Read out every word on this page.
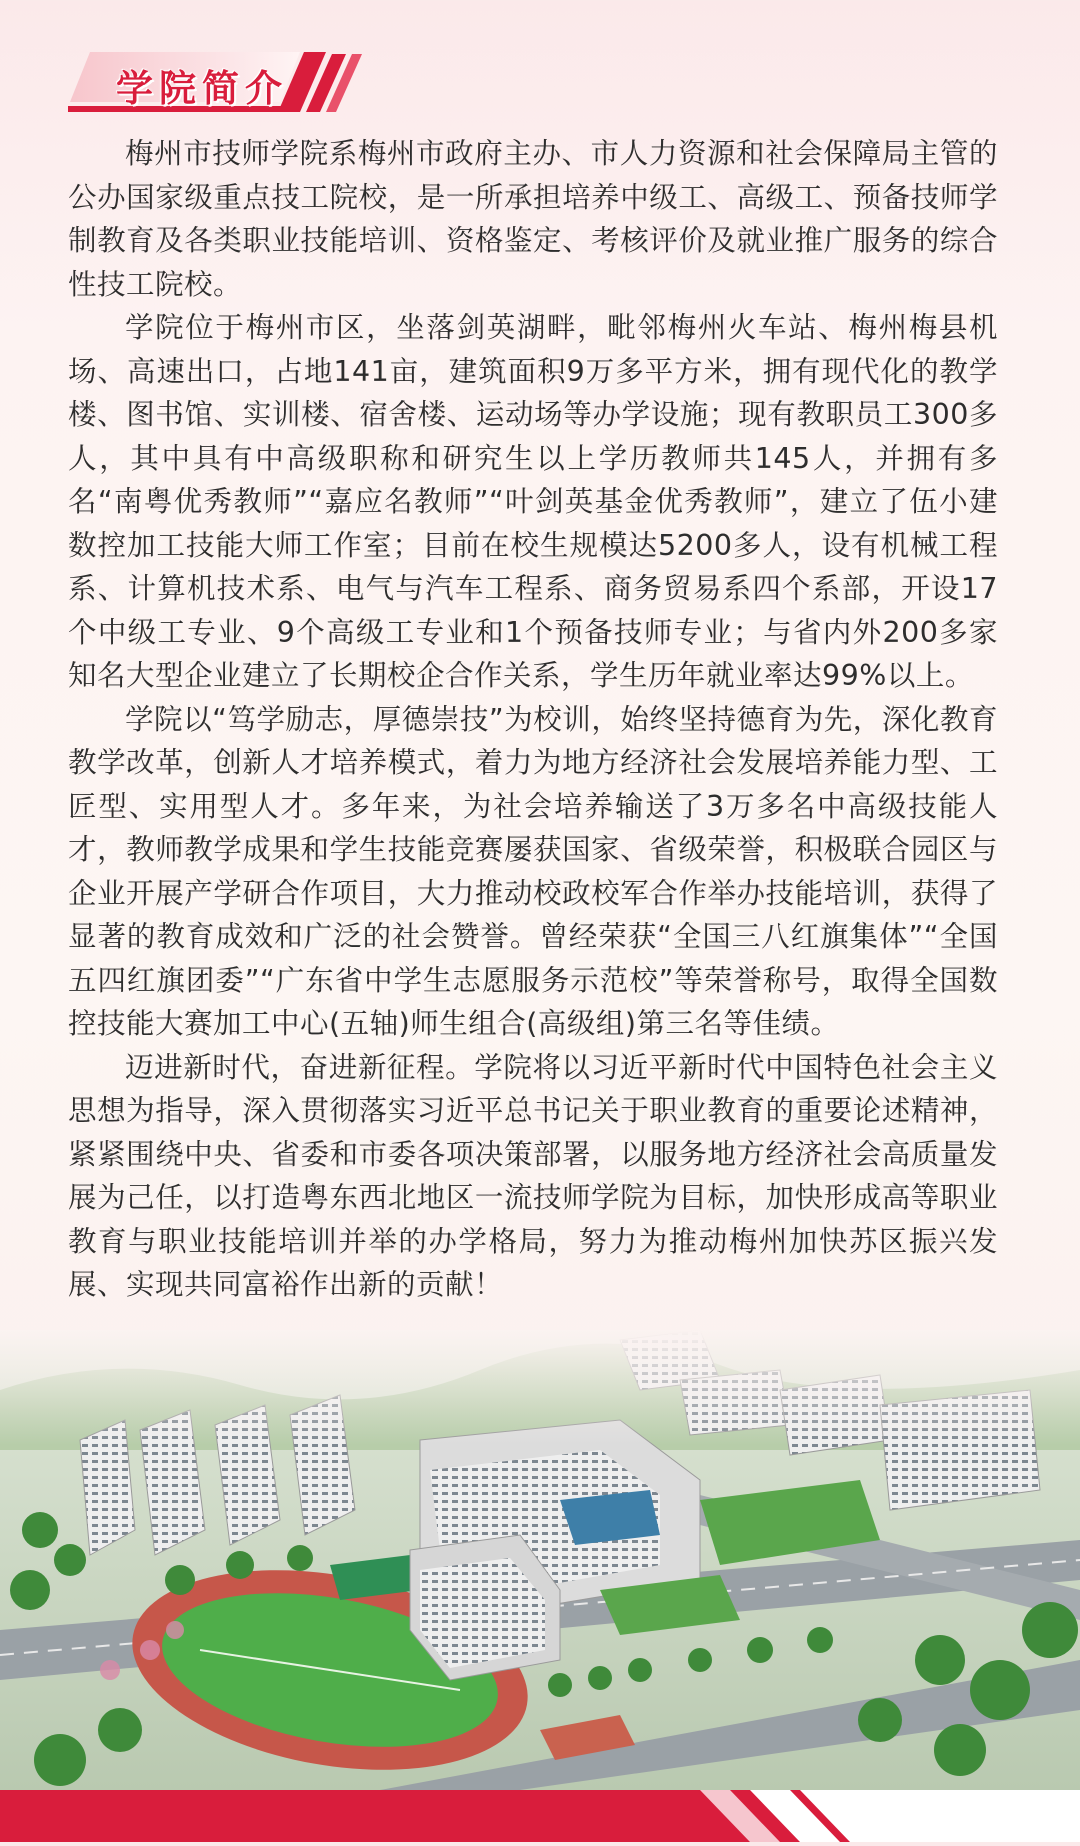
学院简介

梅州市技师学院系梅州市政府主办、市人力资源和社会保障局主管的公办国家级重点技工院校，是一所承担培养中级工、高级工、预备技师学制教育及各类职业技能培训、资格鉴定、考核评价及就业推广服务的综合性技工院校。

学院位于梅州市区，坐落剑英湖畔，毗邻梅州火车站、梅州梅县机场、高速出口，占地141亩，建筑面积9万多平方米，拥有现代化的教学楼、图书馆、实训楼、宿舍楼、运动场等办学设施；现有教职员工300多人，其中具有中高级职称和研究生以上学历教师共145人，并拥有多名“南粤优秀教师”“嘉应名教师”“叶剑英基金优秀教师”，建立了伍小建数控加工技能大师工作室；目前在校生规模达5200多人，设有机械工程系、计算机技术系、电气与汽车工程系、商务贸易系四个系部，开设17个中级工专业、9个高级工专业和1个预备技师专业；与省内外200多家知名大型企业建立了长期校企合作关系，学生历年就业率达99%以上。

学院以“笃学励志，厚德崇技”为校训，始终坚持德育为先，深化教育教学改革，创新人才培养模式，着力为地方经济社会发展培养能力型、工匠型、实用型人才。多年来，为社会培养输送了3万多名中高级技能人才，教师教学成果和学生技能竞赛屡获国家、省级荣誉，积极联合园区与企业开展产学研合作项目，大力推动校政校军合作举办技能培训，获得了显著的教育成效和广泛的社会赞誉。曾经荣获“全国三八红旗集体”“全国五四红旗团委”“广东省中学生志愿服务示范校”等荣誉称号，取得全国数控技能大赛加工中心(五轴)师生组合(高级组)第三名等佳绩。

迈进新时代，奋进新征程。学院将以习近平新时代中国特色社会主义思想为指导，深入贯彻落实习近平总书记关于职业教育的重要论述精神，紧紧围绕中央、省委和市委各项决策部署，以服务地方经济社会高质量发展为己任，以打造粤东西北地区一流技师学院为目标，加快形成高等职业教育与职业技能培训并举的办学格局，努力为推动梅州加快苏区振兴发展、实现共同富裕作出新的贡献！
